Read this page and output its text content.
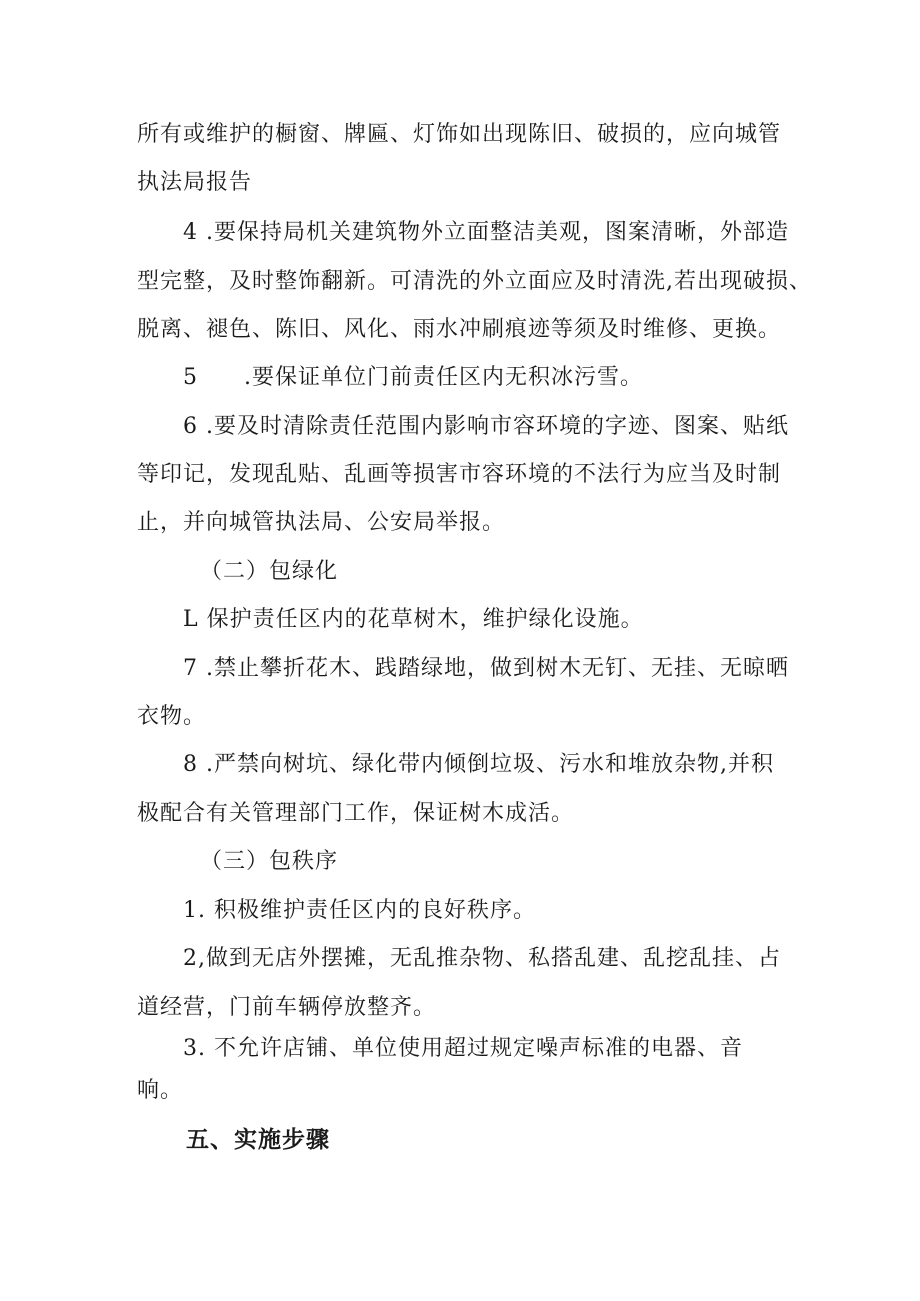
所有或维护的橱窗、牌匾、灯饰如出现陈旧、破损的，应向城管
执法局报告
4 .要保持局机关建筑物外立面整洁美观，图案清晰，外部造
型完整，及时整饰翻新。可清洗的外立面应及时清洗,若出现破损、
脱离、褪色、陈旧、风化、雨水冲刷痕迹等须及时维修、更换。
5　　.要保证单位门前责任区内无积冰污雪。
6 .要及时清除责任范围内影响市容环境的字迹、图案、贴纸
等印记，发现乱贴、乱画等损害市容环境的不法行为应当及时制
止，并向城管执法局、公安局举报。
（二）包绿化
L 保护责任区内的花草树木，维护绿化设施。
7 .禁止攀折花木、践踏绿地，做到树木无钉、无挂、无晾晒
衣物。
8 .严禁向树坑、绿化带内倾倒垃圾、污水和堆放杂物,并积
极配合有关管理部门工作，保证树木成活。
（三）包秩序
1. 积极维护责任区内的良好秩序。
2,做到无店外摆摊，无乱推杂物、私搭乱建、乱挖乱挂、占
道经营，门前车辆停放整齐。
3. 不允许店铺、单位使用超过规定噪声标准的电器、音
响。
五、实施步骤
